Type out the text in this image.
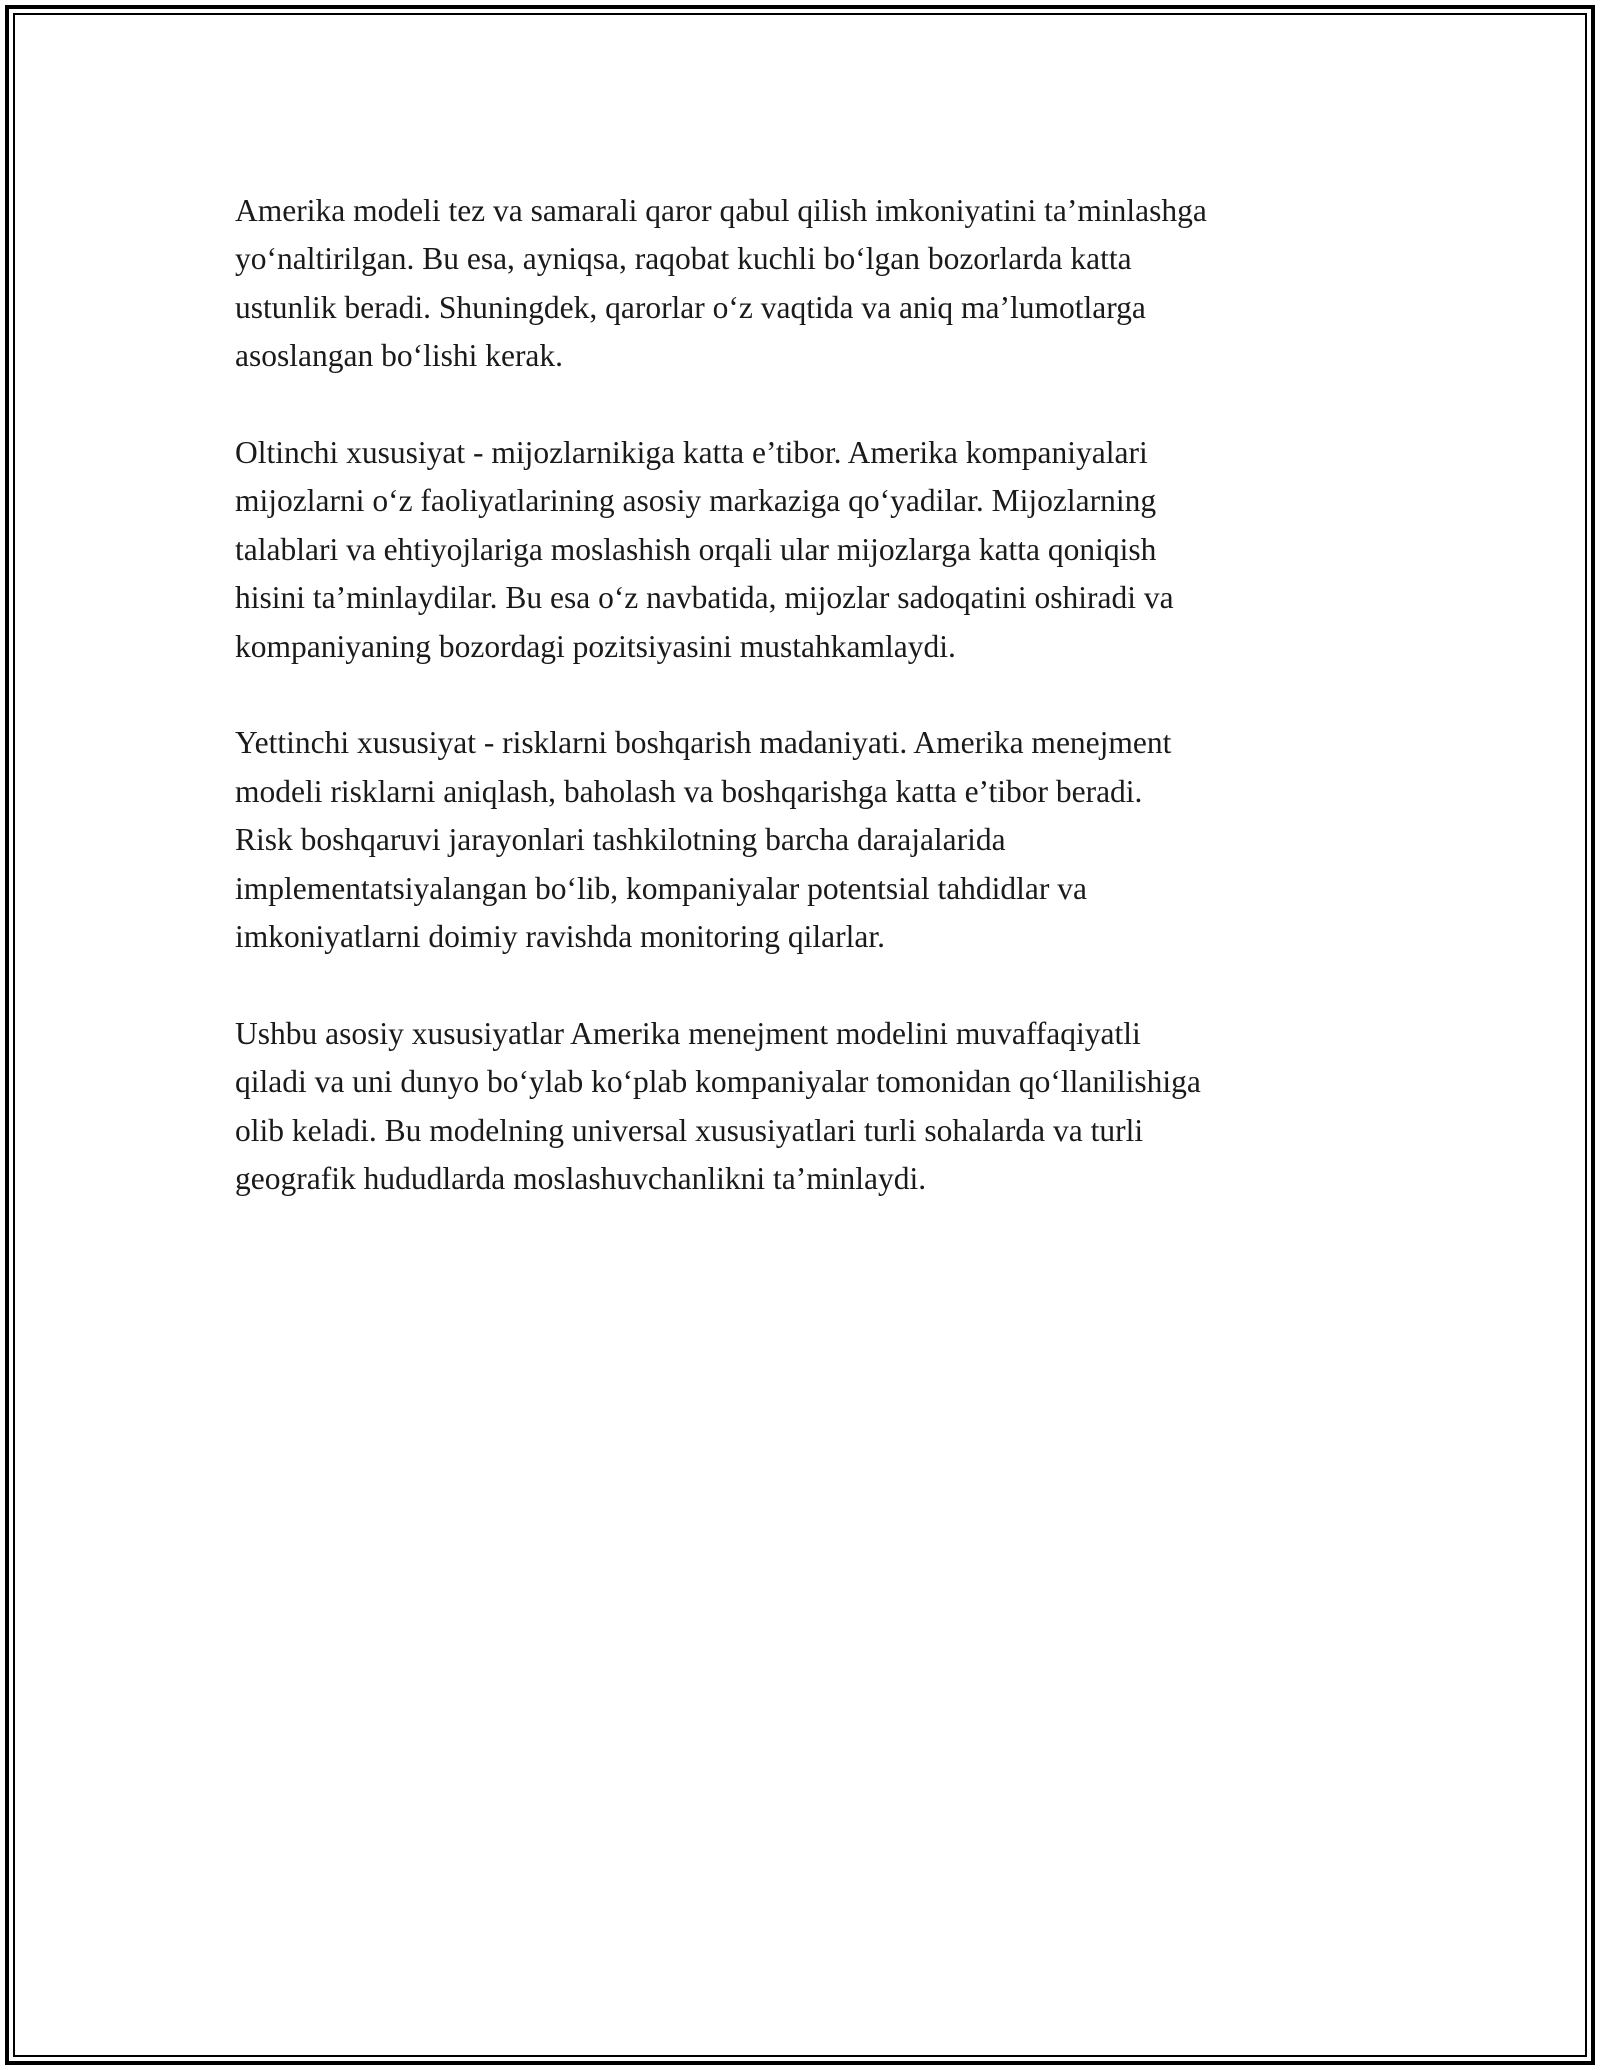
Amerika modeli tez va samarali qaror qabul qilish imkoniyatini ta’minlashga
yo‘naltirilgan. Bu esa, ayniqsa, raqobat kuchli bo‘lgan bozorlarda katta
ustunlik beradi. Shuningdek, qarorlar o‘z vaqtida va aniq ma’lumotlarga
asoslangan bo‘lishi kerak.

Oltinchi xususiyat - mijozlarnikiga katta e’tibor. Amerika kompaniyalari
mijozlarni o‘z faoliyatlarining asosiy markaziga qo‘yadilar. Mijozlarning
talablari va ehtiyojlariga moslashish orqali ular mijozlarga katta qoniqish
hisini ta’minlaydilar. Bu esa o‘z navbatida, mijozlar sadoqatini oshiradi va
kompaniyaning bozordagi pozitsiyasini mustahkamlaydi.

Yettinchi xususiyat - risklarni boshqarish madaniyati. Amerika menejment
modeli risklarni aniqlash, baholash va boshqarishga katta e’tibor beradi.
Risk boshqaruvi jarayonlari tashkilotning barcha darajalarida
implementatsiyalangan bo‘lib, kompaniyalar potentsial tahdidlar va
imkoniyatlarni doimiy ravishda monitoring qilarlar.

Ushbu asosiy xususiyatlar Amerika menejment modelini muvaffaqiyatli
qiladi va uni dunyo bo‘ylab ko‘plab kompaniyalar tomonidan qo‘llanilishiga
olib keladi. Bu modelning universal xususiyatlari turli sohalarda va turli
geografik hududlarda moslashuvchanlikni ta’minlaydi.
